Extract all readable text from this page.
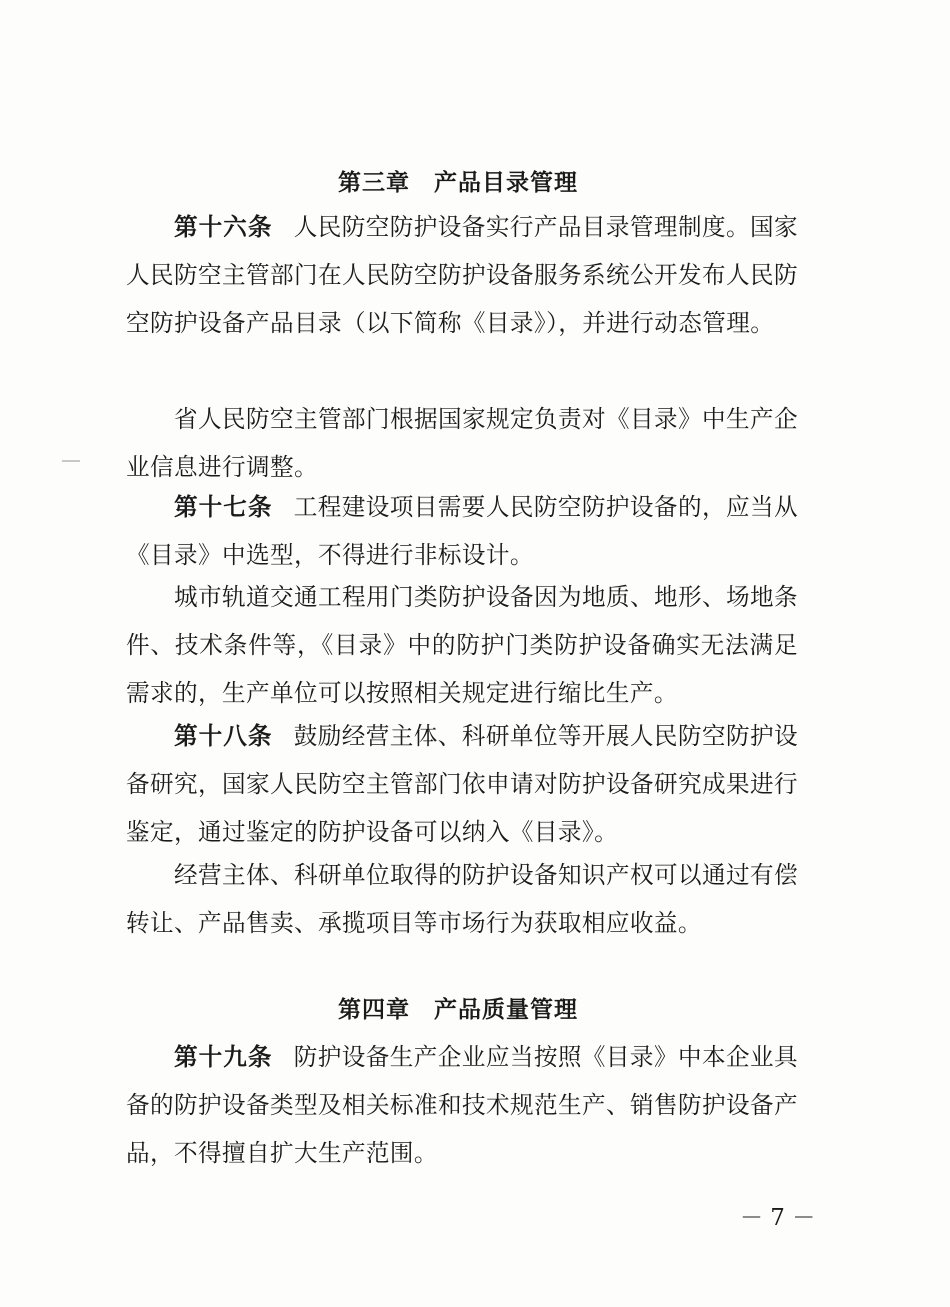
第三章　产品目录管理

第十六条 人民防空防护设备实行产品目录管理制度。国家人民防空主管部门在人民防空防护设备服务系统公开发布人民防空防护设备产品目录（以下简称《目录》），并进行动态管理。

省人民防空主管部门根据国家规定负责对《目录》中生产企业信息进行调整。

第十七条 工程建设项目需要人民防空防护设备的，应当从《目录》中选型，不得进行非标设计。

城市轨道交通工程用门类防护设备因为地质、地形、场地条件、技术条件等，《目录》中的防护门类防护设备确实无法满足需求的，生产单位可以按照相关规定进行缩比生产。

第十八条 鼓励经营主体、科研单位等开展人民防空防护设备研究，国家人民防空主管部门依申请对防护设备研究成果进行鉴定，通过鉴定的防护设备可以纳入《目录》。

经营主体、科研单位取得的防护设备知识产权可以通过有偿转让、产品售卖、承揽项目等市场行为获取相应收益。

第四章　产品质量管理

第十九条 防护设备生产企业应当按照《目录》中本企业具备的防护设备类型及相关标准和技术规范生产、销售防护设备产品，不得擅自扩大生产范围。

－ 7 －
